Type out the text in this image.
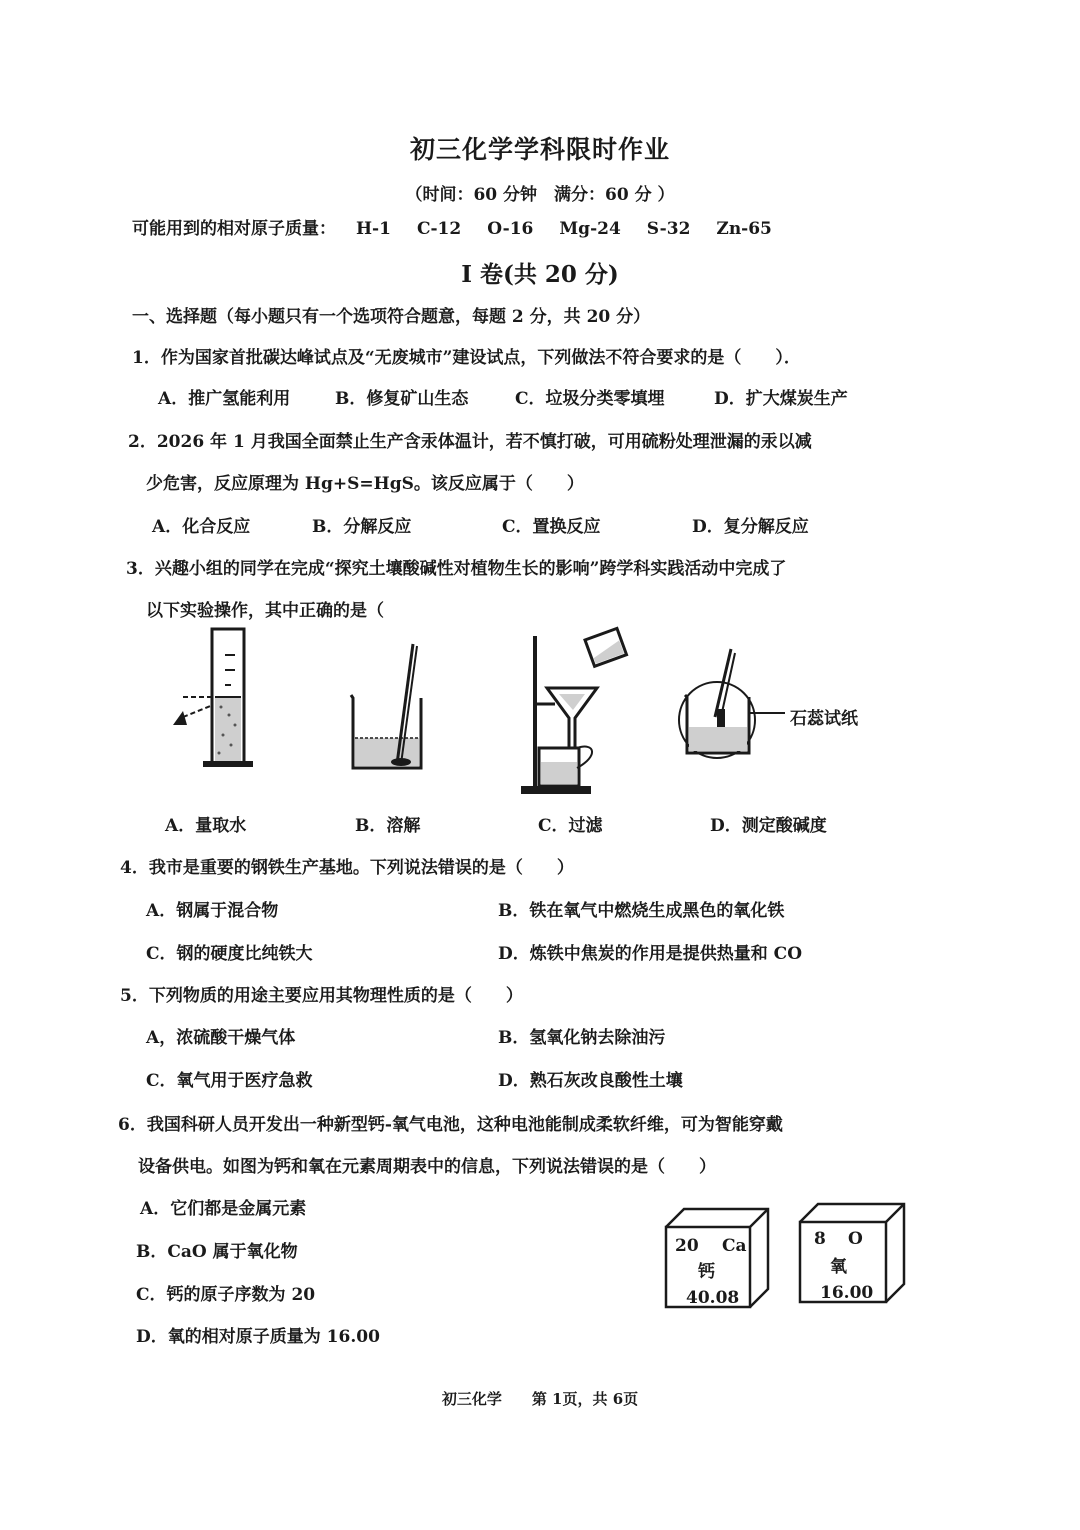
初三化学学科限时作业
（时间：60 分钟　满分：60 分 ）
可能用到的相对原子质量： H-1 C-12 O-16 Mg-24 S-32 Zn-65
I 卷(共 20 分)
一、选择题（每小题只有一个选项符合题意，每题 2 分，共 20 分）
1．作为国家首批碳达峰试点及“无废城市”建设试点，下列做法不符合要求的是（　　）．
A．推广氢能利用	B．修复矿山生态	C．垃圾分类零填埋	D．扩大煤炭生产
2．2026 年 1 月我国全面禁止生产含汞体温计，若不慎打破，可用硫粉处理泄漏的汞以减
少危害，反应原理为 Hg+S=HgS。该反应属于（　　）
A．化合反应	B．分解反应	C．置换反应	D．复分解反应
3．兴趣小组的同学在完成“探究土壤酸碱性对植物生长的影响”跨学科实践活动中完成了
以下实验操作，其中正确的是（
石蕊试纸
A．量取水	B．溶解	C．过滤	D．测定酸碱度
4．我市是重要的钢铁生产基地。下列说法错误的是（　　）
A．钢属于混合物	B．铁在氧气中燃烧生成黑色的氧化铁
C．钢的硬度比纯铁大	D．炼铁中焦炭的作用是提供热量和 CO
5．下列物质的用途主要应用其物理性质的是（　　）
A，浓硫酸干燥气体	B．氢氧化钠去除油污
C．氧气用于医疗急救	D．熟石灰改良酸性土壤
6．我国科研人员开发出一种新型钙-氧气电池，这种电池能制成柔软纤维，可为智能穿戴
设备供电。如图为钙和氧在元素周期表中的信息，下列说法错误的是（　　）
A．它们都是金属元素
B．CaO 属于氧化物
C．钙的原子序数为 20
D．氧的相对原子质量为 16.00
20 Ca
钙
40.08
8 O
氧
16.00
初三化学　　第 1页，共 6页
